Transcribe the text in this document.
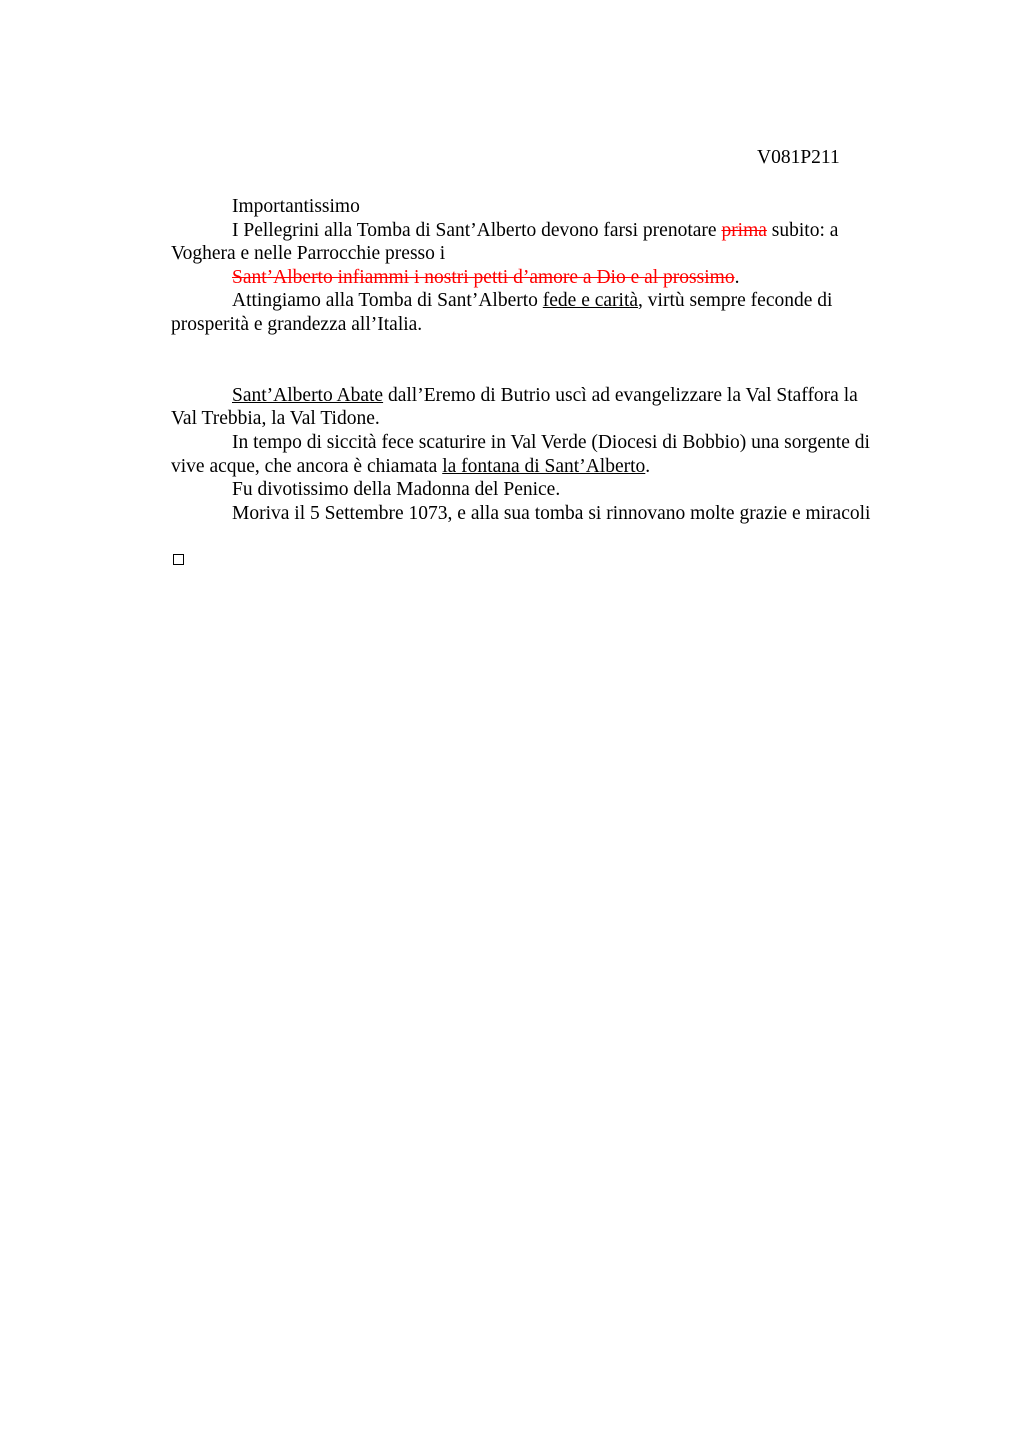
V081P211

Importantissimo

I Pellegrini alla Tomba di Sant’Alberto devono farsi prenotare prima subito: a

Voghera e nelle Parrocchie presso i

Sant’Alberto infiammi i nostri petti d’amore a Dio e al prossimo.

Attingiamo alla Tomba di Sant’Alberto fede e carità, virtù sempre feconde di

prosperità e grandezza all’Italia.

Sant’Alberto Abate dall’Eremo di Butrio uscì ad evangelizzare la Val Staffora la

Val Trebbia, la Val Tidone.

In tempo di siccità fece scaturire in Val Verde (Diocesi di Bobbio) una sorgente di

vive acque, che ancora è chiamata la fontana di Sant’Alberto.

Fu divotissimo della Madonna del Penice.

Moriva il 5 Settembre 1073, e alla sua tomba si rinnovano molte grazie e miracoli
